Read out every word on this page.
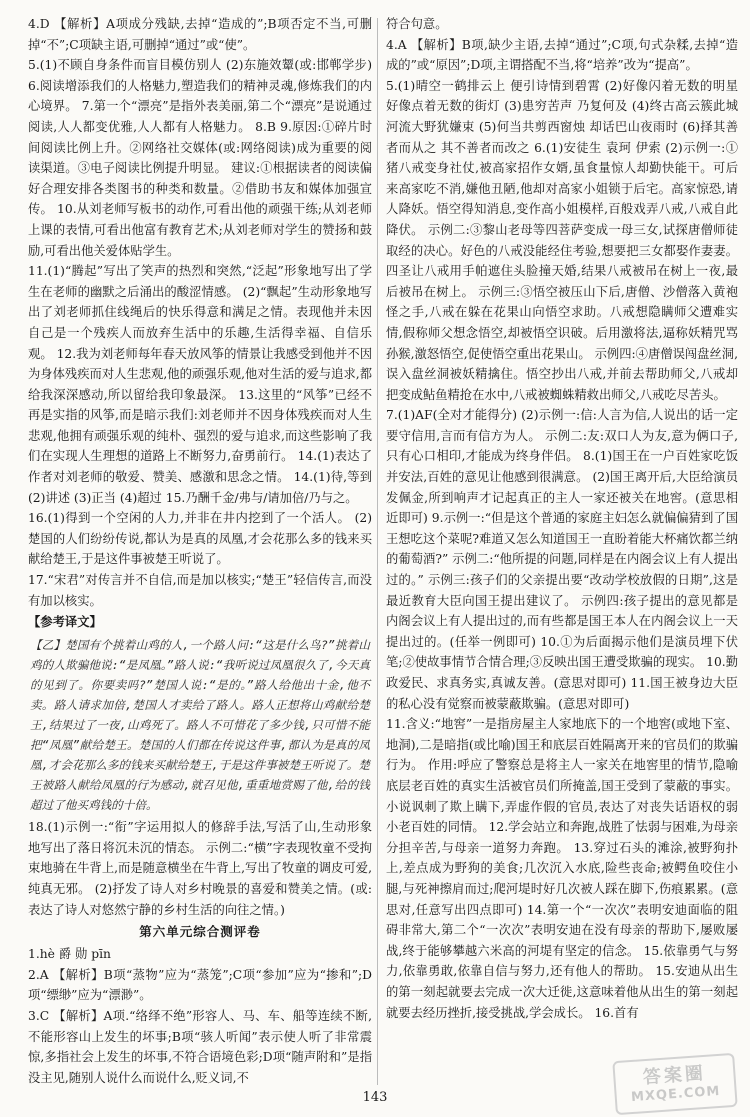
4.D 【解析】A项成分残缺,去掉“造成的”;B项否定不当,可删掉“不”;C项缺主语,可删掉“通过”或“使”。

5.(1)不顾自身条件而盲目模仿别人 (2)东施效颦(或:邯郸学步) 6.阅读增添我们的人格魅力,塑造我们的精神灵魂,修炼我们的内心境界。 7.第一个“漂亮”是指外表美丽,第二个“漂亮”是说通过阅读,人人都变优雅,人人都有人格魅力。 8.B 9.原因:①碎片时间阅读比例上升。②网络社交媒体(或:网络阅读)成为重要的阅读渠道。③电子阅读比例提升明显。 建议:①根据读者的阅读偏好合理安排各类图书的种类和数量。②借助书友和媒体加强宣传。 10.从刘老师写板书的动作,可看出他的顽强干练;从刘老师上课的表情,可看出他富有教育艺术;从刘老师对学生的赞扬和鼓励,可看出他关爱体贴学生。

11.(1)“腾起”写出了笑声的热烈和突然,“泛起”形象地写出了学生在老师的幽默之后涌出的酸涩情感。 (2)“飘起”生动形象地写出了刘老师抓住线绳后的快乐得意和满足之情。表现他并未因自己是一个残疾人而放弃生活中的乐趣,生活得幸福、自信乐观。 12.我为刘老师每年春天放风筝的情景让我感受到他并不因为身体残疾而对人生悲观,他的顽强乐观,他对生活的爱与追求,都给我深深感动,所以留给我印象最深。 13.这里的“风筝”已经不再是实指的风筝,而是暗示我们:刘老师并不因身体残疾而对人生悲观,他拥有顽强乐观的纯朴、强烈的爱与追求,而这些影响了我们在实现人生理想的道路上不断努力,奋勇前行。 14.(1)表达了作者对刘老师的敬爱、赞美、感激和思念之情。 14.(1)待,等到 (2)讲述 (3)正当 (4)超过 15.乃酬千金/弗与/请加倍/乃与之。

16.(1)得到一个空闲的人力,并非在井内挖到了一个活人。 (2)楚国的人们纷纷传说,都认为是真的凤凰,才会花那么多的钱来买献给楚王,于是这件事被楚王听说了。

17.“宋君”对传言并不自信,而是加以核实;“楚王”轻信传言,而没有加以核实。

【参考译文】

【乙】楚国有个挑着山鸡的人,一个路人问:“这是什么鸟?”挑着山鸡的人欺骗他说:“是凤凰。”路人说:“我听说过凤凰很久了,今天真的见到了。你要卖吗?”楚国人说:“是的。”路人给他出十金,他不卖。路人请求加倍,楚国人才卖给了路人。路人正想将山鸡献给楚王,结果过了一夜,山鸡死了。路人不可惜花了多少钱,只可惜不能把“凤凰”献给楚王。楚国的人们都在传说这件事,都认为是真的凤凰,才会花那么多的钱来买献给楚王,于是这件事被楚王听说了。楚王被路人献给凤凰的行为感动,就召见他,重重地赏赐了他,给的钱超过了他买鸡钱的十倍。

18.(1)示例一:“衔”字运用拟人的修辞手法,写活了山,生动形象地写出了落日将沉未沉的情态。 示例二:“横”字表现牧童不受拘束地骑在牛背上,而是随意横坐在牛背上,写出了牧童的调皮可爱,纯真无邪。 (2)抒发了诗人对乡村晚景的喜爱和赞美之情。(或:表达了诗人对悠然宁静的乡村生活的向往之情。)

第六单元综合测评卷

1.hè 爵 勋 pīn

2.A 【解析】B项“蒸物”应为“蒸笼”;C项“参加”应为“掺和”;D项“缥缈”应为“漂渺”。

3.C 【解析】A项.“络绎不绝”形容人、马、车、船等连续不断,不能形容山上发生的坏事;B项“骇人听闻”表示使人听了非常震惊,多指社会上发生的坏事,不符合语境色彩;D项“随声附和”是指没主见,随别人说什么而说什么,贬义词,不

符合句意。

4.A 【解析】B项,缺少主语,去掉“通过”;C项,句式杂糅,去掉“造成的”或“原因”;D项,主谓搭配不当,将“培养”改为“提高”。

5.(1)晴空一鹤排云上 便引诗情到碧霄 (2)好像闪着无数的明星 好像点着无数的街灯 (3)患穷苦声 乃复何及 (4)终古高云簇此城 河流大野犹嫌束 (5)何当共剪西窗烛 却话巴山夜雨时 (6)择其善者而从之 其不善者而改之 6.(1)安徒生 袁珂 伊索 (2)示例一:①猪八戒变身社仗,被高家招作女婿,虽食量惊人却勤快能干。可后来高家吃不消,嫌他丑陋,他却对高家小姐锁于后宅。高家惊恐,请人降妖。悟空得知消息,变作高小姐模样,百般戏弄八戒,八戒自此降伏。 示例二:③黎山老母等四菩萨变成一母三女,试探唐僧师徒取经的决心。好色的八戒没能经住考验,想要把三女都娶作妻妻。四圣让八戒用手帕遮住头脸撞天婚,结果八戒被吊在树上一夜,最后被吊在树上。 示例三:③悟空被压山下后,唐僧、沙僧落入黄袍怪之手,八戒在躲在花果山向悟空求助。八戒想隐瞒师父遭难实情,假称师父想念悟空,却被悟空识破。后用激将法,逼称妖精咒骂孙猴,激怒悟空,促使悟空重出花果山。 示例四:④唐僧误闯盘丝洞,误入盘丝洞被妖精擒住。悟空抄出八戒,并前去帮助师父,八戒却把变成鲇鱼精抢在水中,八戒被蜘蛛精救出师父,八戒吃尽苦头。

7.(1)AF(全对才能得分) (2)示例一:信:人言为信,人说出的话一定要守信用,言而有信方为人。 示例二:友:双口人为友,意为俩口子,只有心口相印,才能成为终身伴侣。 8.(1)国王在一户百姓家吃饭并安法,百姓的意见让他感到很满意。 (2)国王离开后,大臣给演员发佩金,所到响声才记起真正的主人一家还被关在地窖。(意思相近即可) 9.示例一:“但是这个普通的家庭主妇怎么就偏偏猜到了国王想吃这个菜呢?难道又怎么知道国王一直盼着能大杯痛饮都兰纳的葡萄酒?” 示例二:“他所提的问题,同样是在内阁会议上有人提出过的。” 示例三:孩子们的父亲提出要“改动学校放假的日期”,这是最近教育大臣向国王提出建议了。 示例四:孩子提出的意见都是内阁会议上有人提出过的,而有些都是国王本人在内阁会议上一天提出过的。(任举一例即可) 10.①为后面揭示他们是演员埋下伏笔;②使故事情节合情合理;③反映出国王遭受欺骗的现实。 10.勤政爱民、求真务实,真诚友善。(意思对即可) 11.国王被身边大臣的私心没有觉察而被蒙蔽欺骗。(意思对即可)

11.含义:“地窖”一是指房屋主人家地底下的一个地窖(或地下室、地洞),二是暗指(或比喻)国王和底层百姓隔离开来的官员们的欺骗行为。 作用:呼应了警察总是将主人一家关在地窖里的情节,隐喻底层老百姓的真实生活被官员们所掩盖,国王受到了蒙蔽的事实。小说讽刺了欺上瞒下,弄虚作假的官员,表达了对丧失话语权的弱小老百姓的同情。 12.学会站立和奔跑,战胜了怯弱与困难,为母亲分担辛苦,与母亲一道努力奔跑。 13.穿过石头的滩涂,被野狗扑上,差点成为野狗的美食;几次沉入水底,险些丧命;被鳄鱼咬住小腿,与死神擦肩而过;爬河堤时好几次被人踩在脚下,伤痕累累。(意思对,任意写出四点即可) 14.第一个“一次次”表明安迪面临的阻碍非常大,第二个“一次次”表明安迪在没有母亲的帮助下,屡败屡战,终于能够攀越六米高的河堤有坚定的信念。 15.依靠勇气与努力,依靠勇敢,依靠自信与努力,还有他人的帮助。 15.安迪从出生的第一刻起就要去完成一次大迁徙,这意味着他从出生的第一刻起就要去经历挫折,接受挑战,学会成长。 16.首有

143
答案圈
MXQE.COM
